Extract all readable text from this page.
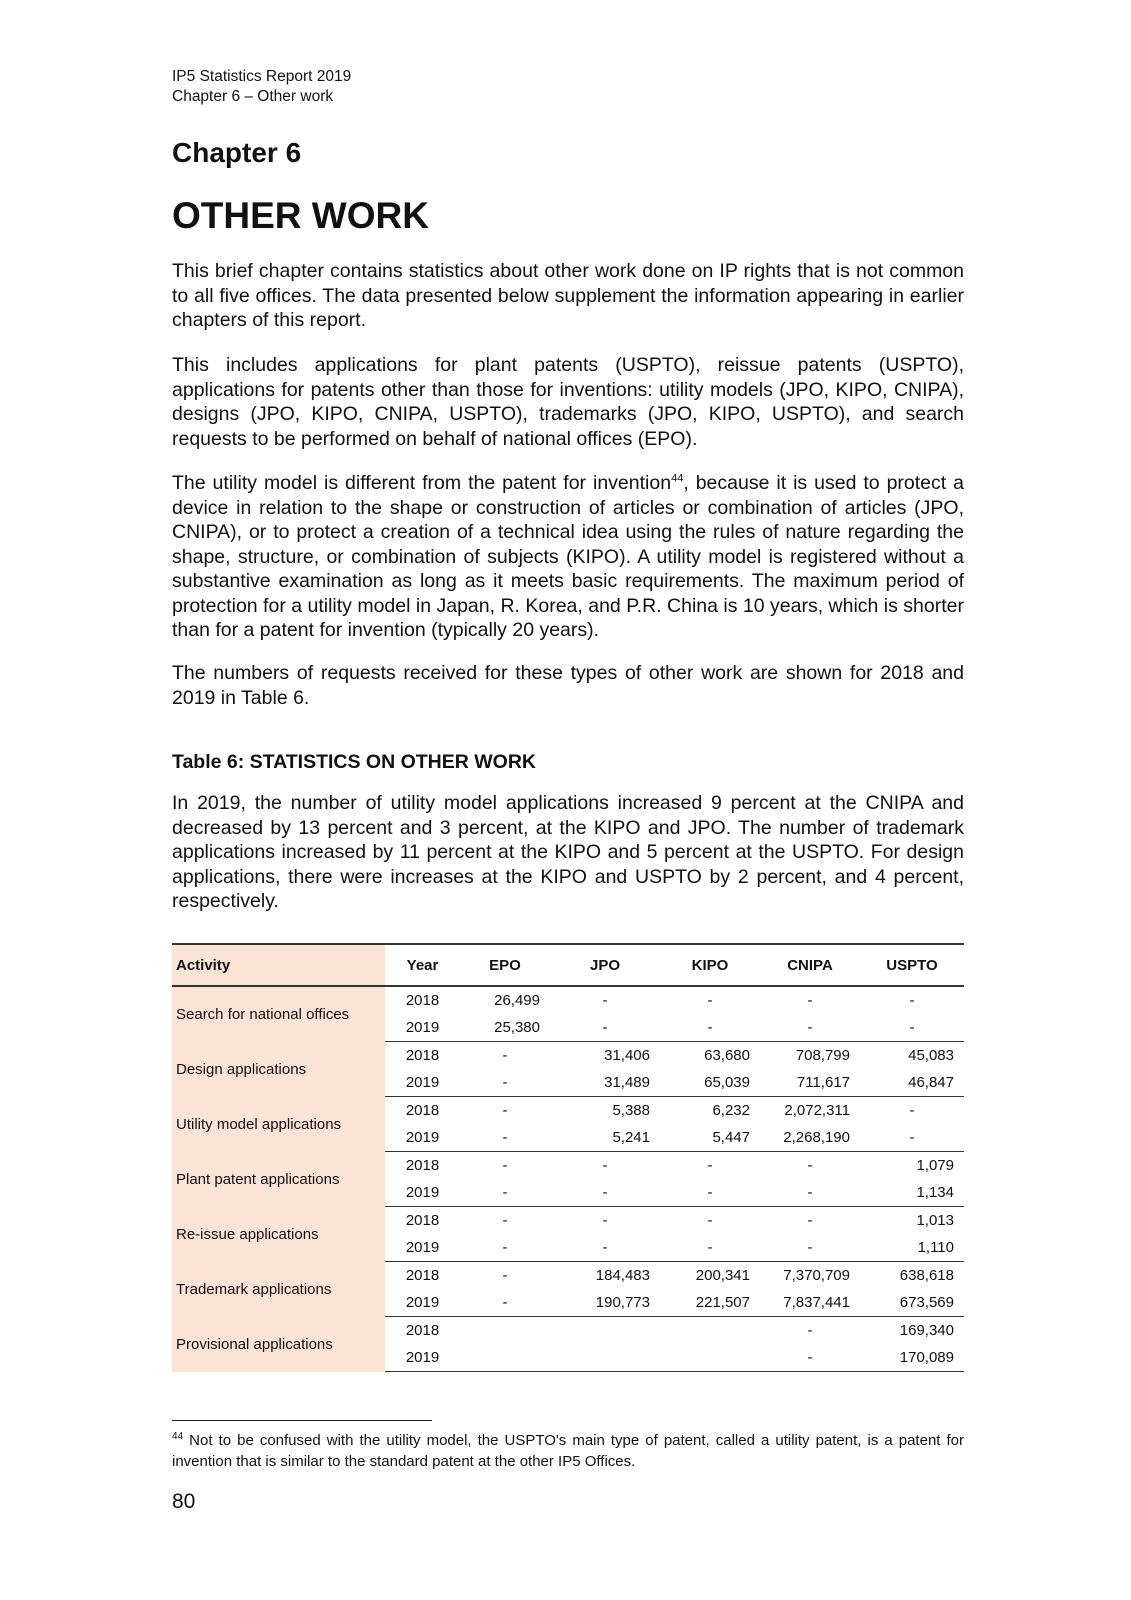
IP5 Statistics Report 2019
Chapter 6 – Other work
Chapter 6
OTHER WORK

This brief chapter contains statistics about other work done on IP rights that is not common to all five offices. The data presented below supplement the information appearing in earlier chapters of this report.

This includes applications for plant patents (USPTO), reissue patents (USPTO), applications for patents other than those for inventions: utility models (JPO, KIPO, CNIPA), designs (JPO, KIPO, CNIPA, USPTO), trademarks (JPO, KIPO, USPTO), and search requests to be performed on behalf of national offices (EPO).

The utility model is different from the patent for invention$^{44}$, because it is used to protect a device in relation to the shape or construction of articles or combination of articles (JPO, CNIPA), or to protect a creation of a technical idea using the rules of nature regarding the shape, structure, or combination of subjects (KIPO). A utility model is registered without a substantive examination as long as it meets basic requirements. The maximum period of protection for a utility model in Japan, R. Korea, and P.R. China is 10 years, which is shorter than for a patent for invention (typically 20 years).

The numbers of requests received for these types of other work are shown for 2018 and 2019 in Table 6.

Table 6: STATISTICS ON OTHER WORK

In 2019, the number of utility model applications increased 9 percent at the CNIPA and decreased by 13 percent and 3 percent, at the KIPO and JPO. The number of trademark applications increased by 11 percent at the KIPO and 5 percent at the USPTO. For design applications, there were increases at the KIPO and USPTO by 2 percent, and 4 percent, respectively.

Activity	Year	EPO	JPO	KIPO	CNIPA	USPTO
Search for national offices	2018	26,499	-	-	-	-
	2019	25,380	-	-	-	-
Design applications	2018	-	31,406	63,680	708,799	45,083
	2019	-	31,489	65,039	711,617	46,847
Utility model applications	2018	-	5,388	6,232	2,072,311	-
	2019	-	5,241	5,447	2,268,190	-
Plant patent applications	2018	-	-	-	-	1,079
	2019	-	-	-	-	1,134
Re-issue applications	2018	-	-	-	-	1,013
	2019	-	-	-	-	1,110
Trademark applications	2018	-	184,483	200,341	7,370,709	638,618
	2019	-	190,773	221,507	7,837,441	673,569
Provisional applications	2018				-	169,340
	2019				-	170,089
$^{44}$ Not to be confused with the utility model, the USPTO's main type of patent, called a utility patent, is a patent for invention that is similar to the standard patent at the other IP5 Offices.
80
